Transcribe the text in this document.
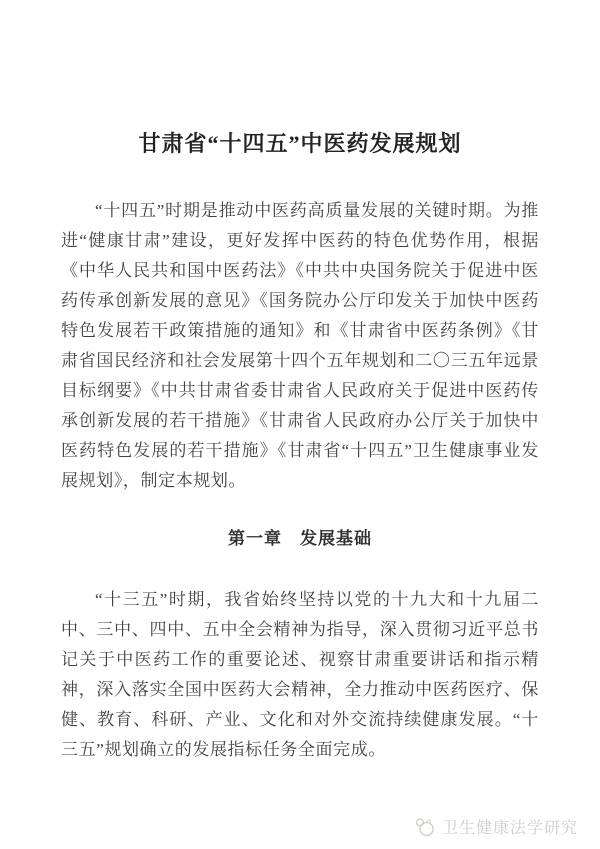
甘肃省“十四五”中医药发展规划

“十四五”时期是推动中医药高质量发展的关键时期。为推进“健康甘肃”建设，更好发挥中医药的特色优势作用，根据《中华人民共和国中医药法》《中共中央国务院关于促进中医药传承创新发展的意见》《国务院办公厅印发关于加快中医药特色发展若干政策措施的通知》和《甘肃省中医药条例》《甘肃省国民经济和社会发展第十四个五年规划和二〇三五年远景目标纲要》《中共甘肃省委甘肃省人民政府关于促进中医药传承创新发展的若干措施》《甘肃省人民政府办公厅关于加快中医药特色发展的若干措施》《甘肃省“十四五”卫生健康事业发展规划》，制定本规划。

第一章　发展基础

“十三五”时期，我省始终坚持以党的十九大和十九届二中、三中、四中、五中全会精神为指导，深入贯彻习近平总书记关于中医药工作的重要论述、视察甘肃重要讲话和指示精神，深入落实全国中医药大会精神，全力推动中医药医疗、保健、教育、科研、产业、文化和对外交流持续健康发展。“十三五”规划确立的发展指标任务全面完成。

卫生健康法学研究
